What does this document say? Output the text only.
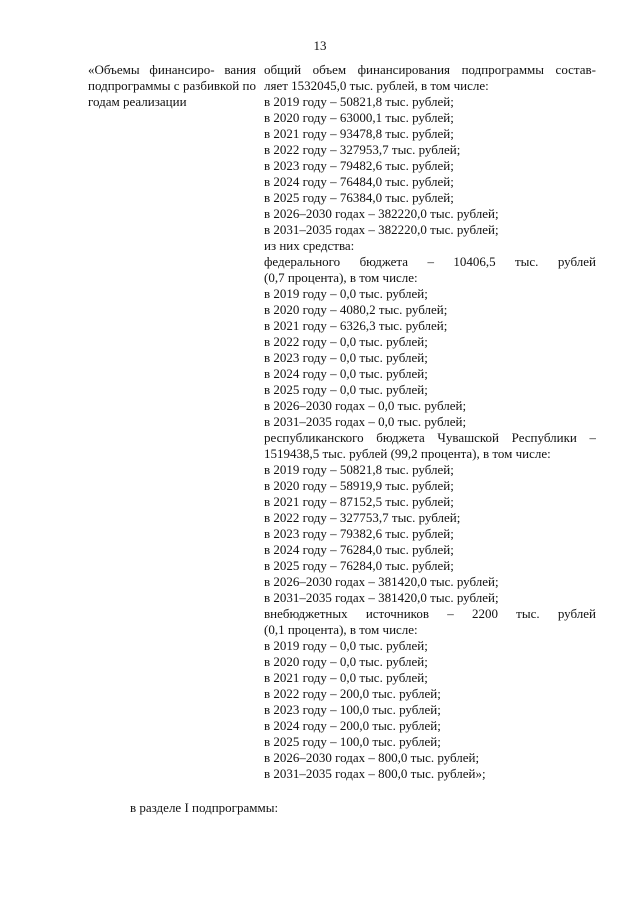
13
«Объемы финансиро- вания подпрограммы с разбивкой по годам реализации
общий объем финансирования подпрограммы состав-
ляет 1532045,0 тыс. рублей, в том числе:
в 2019 году – 50821,8 тыс. рублей;
в 2020 году – 63000,1 тыс. рублей;
в 2021 году – 93478,8 тыс. рублей;
в 2022 году – 327953,7 тыс. рублей;
в 2023 году – 79482,6 тыс. рублей;
в 2024 году – 76484,0 тыс. рублей;
в 2025 году – 76384,0 тыс. рублей;
в 2026–2030 годах – 382220,0 тыс. рублей;
в 2031–2035 годах – 382220,0 тыс. рублей;
из них средства:
федерального бюджета – 10406,5 тыс. рублей
(0,7 процента), в том числе:
в 2019 году – 0,0 тыс. рублей;
в 2020 году – 4080,2 тыс. рублей;
в 2021 году – 6326,3 тыс. рублей;
в 2022 году – 0,0 тыс. рублей;
в 2023 году – 0,0 тыс. рублей;
в 2024 году – 0,0 тыс. рублей;
в 2025 году – 0,0 тыс. рублей;
в 2026–2030 годах – 0,0 тыс. рублей;
в 2031–2035 годах – 0,0 тыс. рублей;
республиканского бюджета Чувашской Республики –
1519438,5 тыс. рублей (99,2 процента), в том числе:
в 2019 году – 50821,8 тыс. рублей;
в 2020 году – 58919,9 тыс. рублей;
в 2021 году – 87152,5 тыс. рублей;
в 2022 году – 327753,7 тыс. рублей;
в 2023 году – 79382,6 тыс. рублей;
в 2024 году – 76284,0 тыс. рублей;
в 2025 году – 76284,0 тыс. рублей;
в 2026–2030 годах – 381420,0 тыс. рублей;
в 2031–2035 годах – 381420,0 тыс. рублей;
внебюджетных источников – 2200 тыс. рублей
(0,1 процента), в том числе:
в 2019 году – 0,0 тыс. рублей;
в 2020 году – 0,0 тыс. рублей;
в 2021 году – 0,0 тыс. рублей;
в 2022 году – 200,0 тыс. рублей;
в 2023 году – 100,0 тыс. рублей;
в 2024 году – 200,0 тыс. рублей;
в 2025 году – 100,0 тыс. рублей;
в 2026–2030 годах – 800,0 тыс. рублей;
в 2031–2035 годах – 800,0 тыс. рублей»;
в разделе I подпрограммы:
